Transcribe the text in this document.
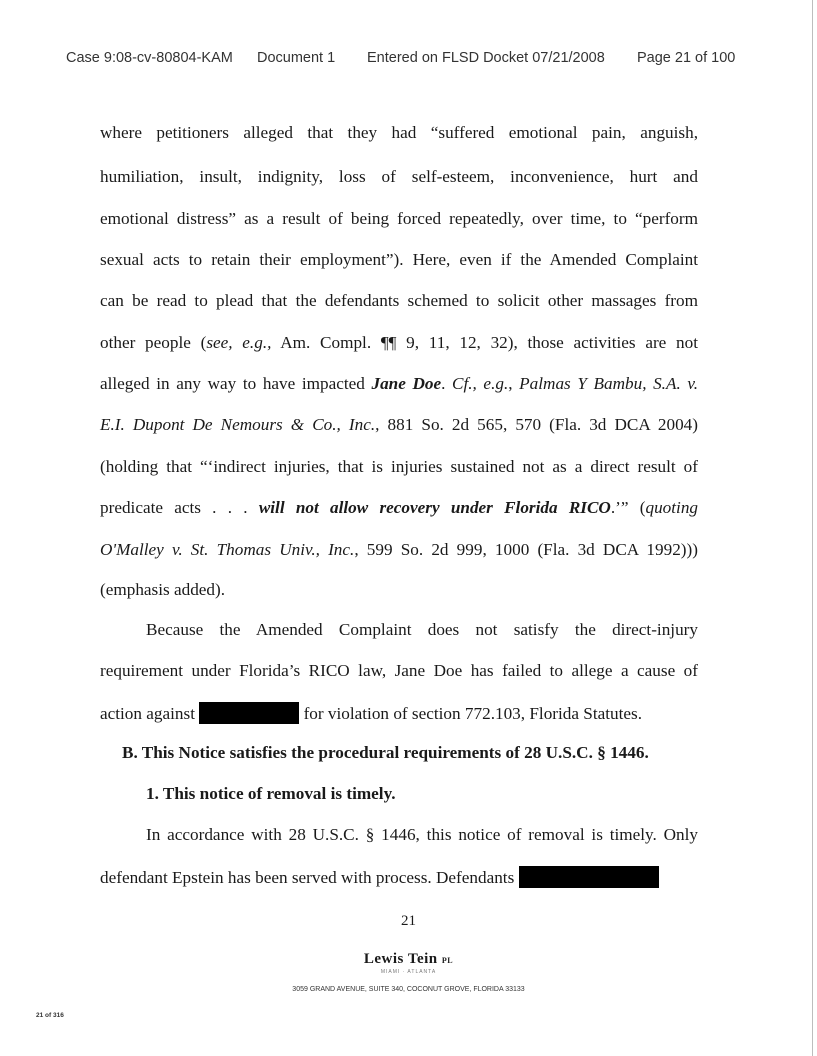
Case 9:08-cv-80804-KAM	Document 1	Entered on FLSD Docket 07/21/2008	Page 21 of 100
where petitioners alleged that they had “suffered emotional pain, anguish,
humiliation, insult, indignity, loss of self-esteem, inconvenience, hurt and
emotional distress” as a result of being forced repeatedly, over time, to “perform
sexual acts to retain their employment”). Here, even if the Amended Complaint
can be read to plead that the defendants schemed to solicit other massages from
other people (see, e.g., Am. Compl. ¶¶ 9, 11, 12, 32), those activities are not
alleged in any way to have impacted Jane Doe. Cf., e.g., Palmas Y Bambu, S.A. v.
E.I. Dupont De Nemours & Co., Inc., 881 So. 2d 565, 570 (Fla. 3d DCA 2004)
(holding that “‘indirect injuries, that is injuries sustained not as a direct result of
predicate acts . . . will not allow recovery under Florida RICO.’” (quoting
O'Malley v. St. Thomas Univ., Inc., 599 So. 2d 999, 1000 (Fla. 3d DCA 1992)))
(emphasis added).
Because the Amended Complaint does not satisfy the direct-injury
requirement under Florida’s RICO law, Jane Doe has failed to allege a cause of
action against	for violation of section 772.103, Florida Statutes.
B. This Notice satisfies the procedural requirements of 28 U.S.C. § 1446.
1. This notice of removal is timely.
In accordance with 28 U.S.C. § 1446, this notice of removal is timely. Only
defendant Epstein has been served with process. Defendants
21
Lewis Tein PL
MIAMI · ATLANTA
3059 GRAND AVENUE, SUITE 340, COCONUT GROVE, FLORIDA 33133
21 of 316
